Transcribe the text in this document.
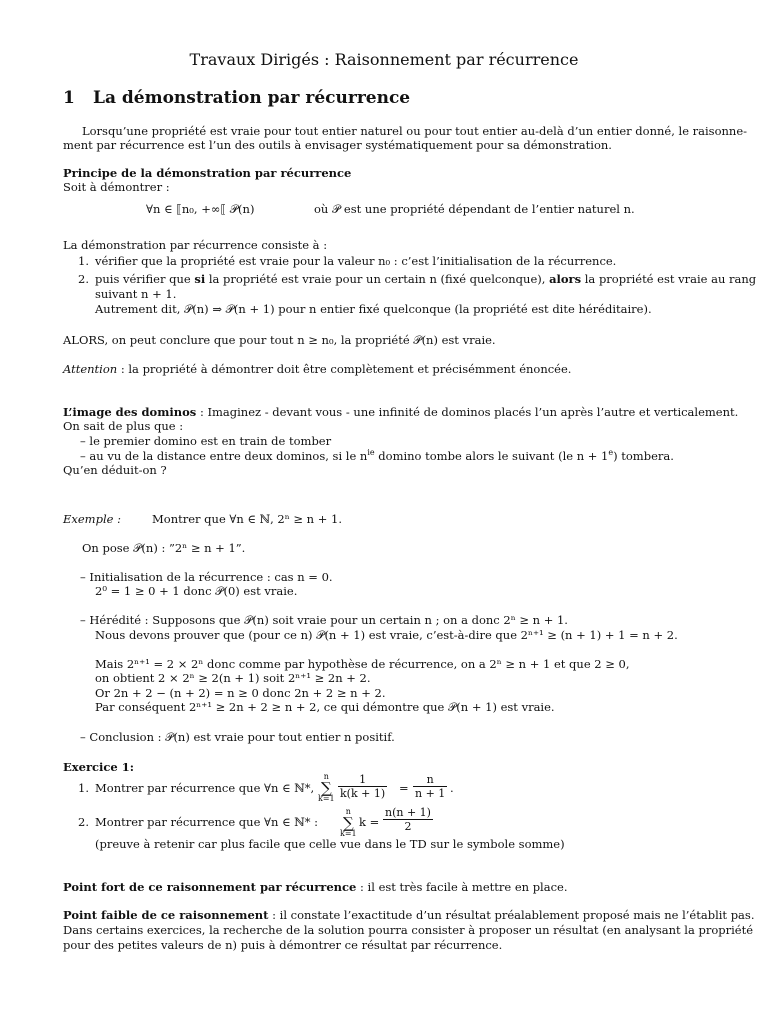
Travaux Dirigés : Raisonnement par récurrence
1 La démonstration par récurrence
Lorsqu’une propriété est vraie pour tout entier naturel ou pour tout entier au-delà d’un entier donné, le raisonne-
ment par récurrence est l’un des outils à envisager systématiquement pour sa démonstration.
Principe de la démonstration par récurrence
Soit à démontrer :
∀n ∈ ⟦n₀, +∞⟦ 𝒫(n)	où 𝒫 est une propriété dépendant de l’entier naturel n.
La démonstration par récurrence consiste à :
1. vérifier que la propriété est vraie pour la valeur n₀ : c’est l’initialisation de la récurrence.
2. puis vérifier que si la propriété est vraie pour un certain n (fixé quelconque), alors la propriété est vraie au rang
suivant n + 1.
Autrement dit, 𝒫(n) ⇒ 𝒫(n + 1) pour n entier fixé quelconque (la propriété est dite héréditaire).
ALORS, on peut conclure que pour tout n ≥ n₀, la propriété 𝒫(n) est vraie.
Attention : la propriété à démontrer doit être complètement et précisémment énoncée.
L’image des dominos : Imaginez - devant vous - une infinité de dominos placés l’un après l’autre et verticalement.
On sait de plus que :
– le premier domino est en train de tomber
– au vu de la distance entre deux dominos, si le $n^{ie}$ domino tombe alors le suivant (le $n + 1^e$) tombera.
Qu’en déduit-on ?
Exemple :	Montrer que ∀n ∈ ℕ, 2ⁿ ≥ n + 1.
On pose 𝒫(n) : ”2ⁿ ≥ n + 1”.
– Initialisation de la récurrence : cas n = 0.
2⁰ = 1 ≥ 0 + 1 donc 𝒫(0) est vraie.
– Hérédité : Supposons que 𝒫(n) soit vraie pour un certain n ; on a donc 2ⁿ ≥ n + 1.
Nous devons prouver que (pour ce n) 𝒫(n + 1) est vraie, c’est-à-dire que 2ⁿ⁺¹ ≥ (n + 1) + 1 = n + 2.
Mais 2ⁿ⁺¹ = 2 × 2ⁿ donc comme par hypothèse de récurrence, on a 2ⁿ ≥ n + 1 et que 2 ≥ 0,
on obtient 2 × 2ⁿ ≥ 2(n + 1) soit 2ⁿ⁺¹ ≥ 2n + 2.
Or 2n + 2 − (n + 2) = n ≥ 0 donc 2n + 2 ≥ n + 2.
Par conséquent 2ⁿ⁺¹ ≥ 2n + 2 ≥ n + 2, ce qui démontre que 𝒫(n + 1) est vraie.
– Conclusion : 𝒫(n) est vraie pour tout entier n positif.
Exercice 1:
1. Montrer par récurrence que ∀n ∈ ℕ*,
n
∑
$k=1 \frac{1}{k(k + 1)} = \frac{n}{n + 1}$ .
2. Montrer par récurrence que ∀n ∈ ℕ* :
n
∑
k=1
$k = \frac{n(n + 1)}{2}$
(preuve à retenir car plus facile que celle vue dans le TD sur le symbole somme)
Point fort de ce raisonnement par récurrence : il est très facile à mettre en place.
Point faible de ce raisonnement : il constate l’exactitude d’un résultat préalablement proposé mais ne l’établit pas.
Dans certains exercices, la recherche de la solution pourra consister à proposer un résultat (en analysant la propriété
pour des petites valeurs de n) puis à démontrer ce résultat par récurrence.
